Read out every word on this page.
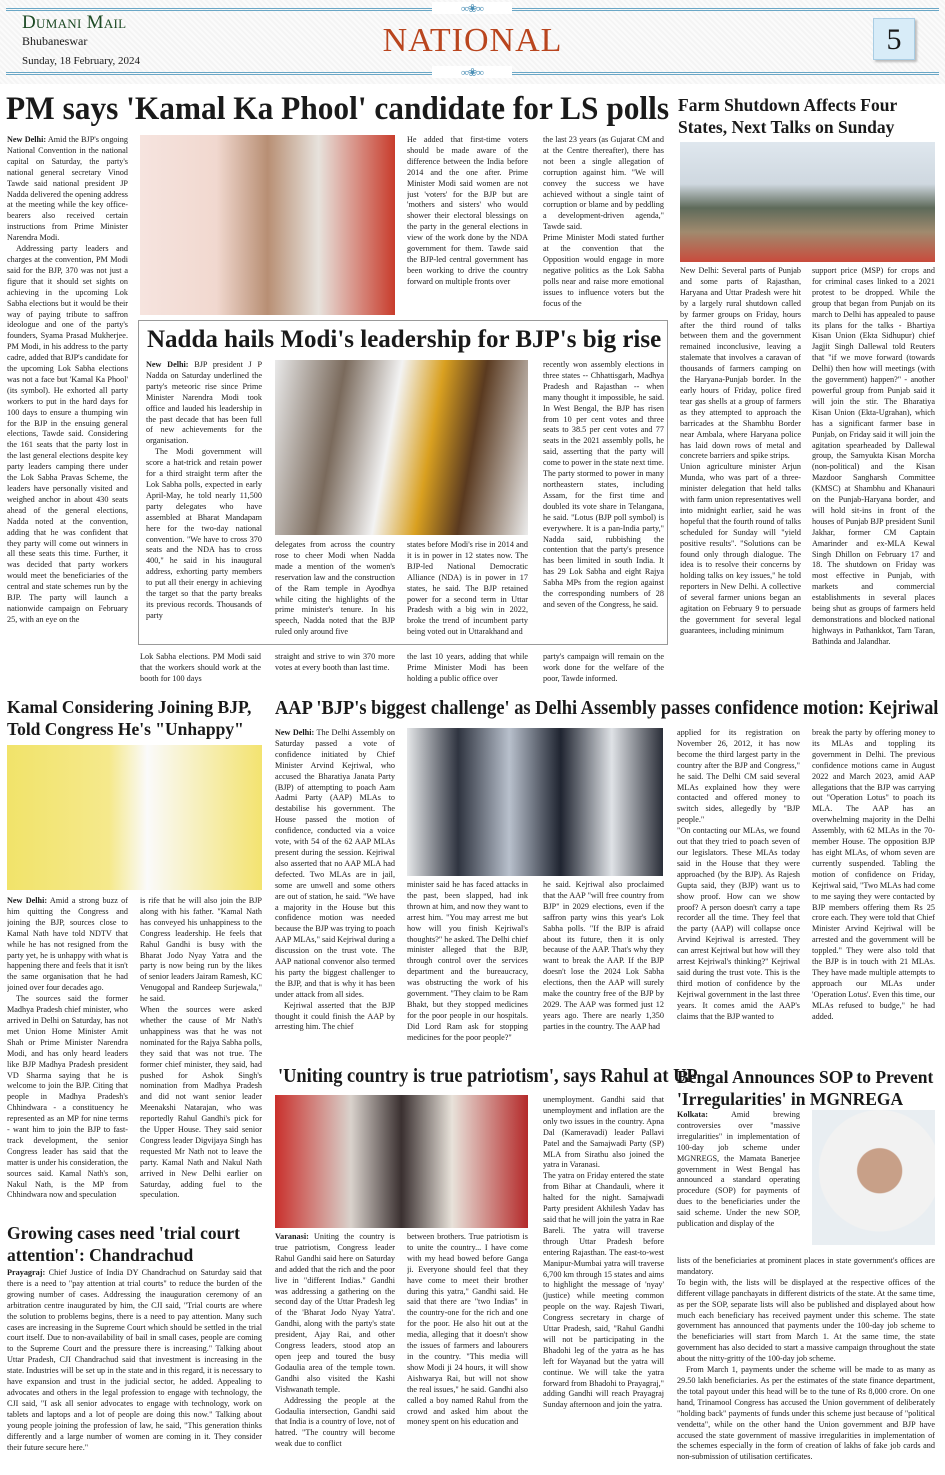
∞❀∞
Dumani Mail
Bhubaneswar
Sunday, 18 February, 2024
NATIONAL	5
∞❀∞
PM says 'Kamal Ka Phool' candidate for LS polls
New Delhi: Amid the BJP's ongoing National Convention in the national capital on Saturday, the party's national general secretary Vinod Tawde said national president JP Nadda delivered the opening address at the meeting while the key office-bearers also received certain instructions from Prime Minister Narendra Modi.

Addressing party leaders and charges at the convention, PM Modi said for the BJP, 370 was not just a figure that it should set sights on achieving in the upcoming Lok Sabha elections but it would be their way of paying tribute to saffron ideologue and one of the party's founders, Syama Prasad Mukherjee. PM Modi, in his address to the party cadre, added that BJP's candidate for the upcoming Lok Sabha elections was not a face but 'Kamal Ka Phool' (its symbol). He exhorted all party workers to put in the hard days for 100 days to ensure a thumping win for the BJP in the ensuing general elections, Tawde said. Considering the 161 seats that the party lost in the last general elections despite key party leaders camping there under the Lok Sabha Pravas Scheme, the leaders have personally visited and weighed anchor in about 430 seats ahead of the general elections, Nadda noted at the convention, adding that he was confident that they party will come out winners in all these seats this time. Further, it was decided that party workers would meet the beneficiaries of the central and state schemes run by the BJP. The party will launch a nationwide campaign on February 25, with an eye on the

He added that first-time voters should be made aware of the difference between the India before 2014 and the one after. Prime Minister Modi said women are not just 'voters' for the BJP but are 'mothers and sisters' who would shower their electoral blessings on the party in the general elections in view of the work done by the NDA government for them. Tawde said the BJP-led central government has been working to drive the country forward on multiple fronts over
the last 23 years (as Gujarat CM and at the Centre thereafter), there has not been a single allegation of corruption against him. "We will convey the success we have achieved without a single taint of corruption or blame and by peddling a development-driven agenda," Tawde said.

Prime Minister Modi stated further at the convention that the Opposition would engage in more negative politics as the Lok Sabha polls near and raise more emotional issues to influence voters but the focus of the

Nadda hails Modi's leadership for BJP's big rise
New Delhi: BJP president J P Nadda on Saturday underlined the party's meteoric rise since Prime Minister Narendra Modi took office and lauded his leadership in the past decade that has been full of new achievements for the organisation.

The Modi government will score a hat-trick and retain power for a third straight term after the Lok Sabha polls, expected in early April-May, he told nearly 11,500 party delegates who have assembled at Bharat Mandapam here for the two-day national convention. "We have to cross 370 seats and the NDA has to cross 400," he said in his inaugural address, exhorting party members to put all their energy in achieving the target so that the party breaks its previous records. Thousands of party

delegates from across the country rose to cheer Modi when Nadda made a mention of the women's reservation law and the construction of the Ram temple in Ayodhya while citing the highlights of the prime minister's tenure. In his speech, Nadda noted that the BJP ruled only around five
states before Modi's rise in 2014 and it is in power in 12 states now. The BJP-led National Democratic Alliance (NDA) is in power in 17 states, he said. The BJP retained power for a second term in Uttar Pradesh with a big win in 2022, broke the trend of incumbent party being voted out in Uttarakhand and
recently won assembly elections in three states -- Chhattisgarh, Madhya Pradesh and Rajasthan -- when many thought it impossible, he said. In West Bengal, the BJP has risen from 10 per cent votes and three seats to 38.5 per cent votes and 77 seats in the 2021 assembly polls, he said, asserting that the party will come to power in the state next time.

The party stormed to power in many northeastern states, including Assam, for the first time and doubled its vote share in Telangana, he said. "Lotus (BJP poll symbol) is everywhere. It is a pan-India party," Nadda said, rubbishing the contention that the party's presence has been limited in south India. It has 29 Lok Sabha and eight Rajya Sabha MPs from the region against the corresponding numbers of 28 and seven of the Congress, he said.

Lok Sabha elections. PM Modi said that the workers should work at the booth for 100 days
straight and strive to win 370 more votes at every booth than last time.
the last 10 years, adding that while Prime Minister Modi has been holding a public office over
party's campaign will remain on the work done for the welfare of the poor, Tawde informed.
Farm Shutdown Affects Four States, Next Talks on Sunday
New Delhi: Several parts of Punjab and some parts of Rajasthan, Haryana and Uttar Pradesh were hit by a largely rural shutdown called by farmer groups on Friday, hours after the third round of talks between them and the government remained inconclusive, leaving a stalemate that involves a caravan of thousands of farmers camping on the Haryana-Punjab border. In the early hours of Friday, police fired tear gas shells at a group of farmers as they attempted to approach the barricades at the Shambhu Border near Ambala, where Haryana police has laid down rows of metal and concrete barriers and spike strips.

Union agriculture minister Arjun Munda, who was part of a three-minister delegation that held talks with farm union representatives well into midnight earlier, said he was hopeful that the fourth round of talks scheduled for Sunday will "yield positive results". "Solutions can be found only through dialogue. The idea is to resolve their concerns by holding talks on key issues," he told reporters in New Delhi. A collective of several farmer unions began an agitation on February 9 to persuade the government for several legal guarantees, including minimum

support price (MSP) for crops and for criminal cases linked to a 2021 protest to be dropped. While the group that began from Punjab on its march to Delhi has appealed to pause its plans for the talks - Bhartiya Kisan Union (Ekta Sidhupur) chief Jagjit Singh Dallewal told Reuters that "if we move forward (towards Delhi) then how will meetings (with the government) happen?" - another powerful group from Punjab said it will join the stir. The Bharatiya Kisan Union (Ekta-Ugrahan), which has a significant farmer base in Punjab, on Friday said it will join the agitation spearheaded by Dallewal group, the Samyukta Kisan Morcha (non-political) and the Kisan Mazdoor Sangharsh Committee (KMSC) at Shambhu and Khanauri on the Punjab-Haryana border, and will hold sit-ins in front of the houses of Punjab BJP president Sunil Jakhar, former CM Captain Amarinder and ex-MLA Kewal Singh Dhillon on February 17 and 18. The shutdown on Friday was most effective in Punjab, with markets and commercial establishments in several places being shut as groups of farmers held demonstrations and blocked national highways in Pathankkot, Tarn Taran, Bathinda and Jalandhar.
Kamal Considering Joining BJP, Told Congress He's "Unhappy"
New Delhi: Amid a strong buzz of him quitting the Congress and joining the BJP, sources close to Kamal Nath have told NDTV that while he has not resigned from the party yet, he is unhappy with what is happening there and feels that it isn't the same organisation that he had joined over four decades ago.

The sources said the former Madhya Pradesh chief minister, who arrived in Delhi on Saturday, has not met Union Home Minister Amit Shah or Prime Minister Narendra Modi, and has only heard leaders like BJP Madhya Pradesh president VD Sharma saying that he is welcome to join the BJP. Citing that people in Madhya Pradesh's Chhindwara - a constituency he represented as an MP for nine terms - want him to join the BJP to fast-track development, the senior Congress leader has said that the matter is under his consideration, the sources said. Kamal Nath's son, Nakul Nath, is the MP from Chhindwara now and speculation

is rife that he will also join the BJP along with his father. "Kamal Nath has conveyed his unhappiness to the Congress leadership. He feels that Rahul Gandhi is busy with the Bharat Jodo Nyay Yatra and the party is now being run by the likes of senior leaders Jairam Ramesh, KC Venugopal and Randeep Surjewala," he said.

When the sources were asked whether the cause of Mr Nath's unhappiness was that he was not nominated for the Rajya Sabha polls, they said that was not true. The former chief minister, they said, had pushed for Ashok Singh's nomination from Madhya Pradesh and did not want senior leader Meenakshi Natarajan, who was reportedly Rahul Gandhi's pick for the Upper House. They said senior Congress leader Digvijaya Singh has requested Mr Nath not to leave the party. Kamal Nath and Nakul Nath arrived in New Delhi earlier on Saturday, adding fuel to the speculation.

AAP 'BJP's biggest challenge' as Delhi Assembly passes confidence motion: Kejriwal
New Delhi: The Delhi Assembly on Saturday passed a vote of confidence initiated by Chief Minister Arvind Kejriwal, who accused the Bharatiya Janata Party (BJP) of attempting to poach Aam Aadmi Party (AAP) MLAs to destabilise his government. The House passed the motion of confidence, conducted via a voice vote, with 54 of the 62 AAP MLAs present during the session. Kejriwal also asserted that no AAP MLA had defected. Two MLAs are in jail, some are unwell and some others are out of station, he said. "We have a majority in the House but this confidence motion was needed because the BJP was trying to poach AAP MLAs," said Kejriwal during a discussion on the trust vote. The AAP national convenor also termed his party the biggest challenger to the BJP, and that is why it has been under attack from all sides.

Kejriwal asserted that the BJP thought it could finish the AAP by arresting him. The chief

minister said he has faced attacks in the past, been slapped, had ink thrown at him, and now they want to arrest him. "You may arrest me but how will you finish Kejriwal's thoughts?" he asked. The Delhi chief minister alleged that the BJP, through control over the services department and the bureaucracy, was obstructing the work of his government. "They claim to be Ram Bhakt, but they stopped medicines for the poor people in our hospitals. Did Lord Ram ask for stopping medicines for the poor people?"
he said. Kejriwal also proclaimed that the AAP "will free country from BJP" in 2029 elections, even if the saffron party wins this year's Lok Sabha polls. "If the BJP is afraid about its future, then it is only because of the AAP. That's why they want to break the AAP. If the BJP doesn't lose the 2024 Lok Sabha elections, then the AAP will surely make the country free of the BJP by 2029. The AAP was formed just 12 years ago. There are nearly 1,350 parties in the country. The AAP had
applied for its registration on November 26, 2012, it has now become the third largest party in the country after the BJP and Congress," he said. The Delhi CM said several MLAs explained how they were contacted and offered money to switch sides, allegedly by "BJP people."

"On contacting our MLAs, we found out that they tried to poach seven of our legislators. These MLAs today said in the House that they were approached (by the BJP). As Rajesh Gupta said, they (BJP) want us to show proof. How can we show proof? A person doesn't carry a tape recorder all the time. They feel that the party (AAP) will collapse once Arvind Kejriwal is arrested. They can arrest Kejriwal but how will they arrest Kejriwal's thinking?" Kejriwal said during the trust vote. This is the third motion of confidence by the Kejriwal government in the last three years. It comes amid the AAP's claims that the BJP wanted to

break the party by offering money to its MLAs and toppling its government in Delhi. The previous confidence motions came in August 2022 and March 2023, amid AAP allegations that the BJP was carrying out "Operation Lotus" to poach its MLA. The AAP has an overwhelming majority in the Delhi Assembly, with 62 MLAs in the 70-member House. The opposition BJP has eight MLAs, of whom seven are currently suspended. Tabling the motion of confidence on Friday, Kejriwal said, "Two MLAs had come to me saying they were contacted by BJP members offering them Rs 25 crore each. They were told that Chief Minister Arvind Kejriwal will be arrested and the government will be toppled." They were also told that the BJP is in touch with 21 MLAs. They have made multiple attempts to approach our MLAs under 'Operation Lotus'. Even this time, our MLAs refused to budge," he had added.
'Uniting country is true patriotism', says Rahul at UP
Varanasi: Uniting the country is true patriotism, Congress leader Rahul Gandhi said here on Saturday and added that the rich and the poor live in "different Indias." Gandhi was addressing a gathering on the second day of the Uttar Pradesh leg of the 'Bharat Jodo Nyay Yatra'. Gandhi, along with the party's state president, Ajay Rai, and other Congress leaders, stood atop an open jeep and toured the busy Godaulia area of the temple town. Gandhi also visited the Kashi Vishwanath temple.

Addressing the people at the Godaulia intersection, Gandhi said that India is a country of love, not of hatred. "The country will become weak due to conflict

between brothers. True patriotism is to unite the country... I have come with my head bowed before Ganga ji. Everyone should feel that they have come to meet their brother during this yatra," Gandhi said. He said that there are "two Indias" in the country-one for the rich and one for the poor. He also hit out at the media, alleging that it doesn't show the issues of farmers and labourers in the country. "This media will show Modi ji 24 hours, it will show Aishwarya Rai, but will not show the real issues," he said. Gandhi also called a boy named Rahul from the crowd and asked him about the money spent on his education and
unemployment. Gandhi said that unemployment and inflation are the only two issues in the country. Apna Dal (Kameravadi) leader Pallavi Patel and the Samajwadi Party (SP) MLA from Sirathu also joined the yatra in Varanasi.

The yatra on Friday entered the state from Bihar at Chandauli, where it halted for the night. Samajwadi Party president Akhilesh Yadav has said that he will join the yatra in Rae Bareli. The yatra will traverse through Uttar Pradesh before entering Rajasthan. The east-to-west Manipur-Mumbai yatra will traverse 6,700 km through 15 states and aims to highlight the message of 'nyay' (justice) while meeting common people on the way. Rajesh Tiwari, Congress secretary in charge of Uttar Pradesh, said, "Rahul Gandhi will not be participating in the Bhadohi leg of the yatra as he has left for Wayanad but the yatra will continue. We will take the yatra forward from Bhadohi to Prayagraj," adding Gandhi will reach Prayagraj Sunday afternoon and join the yatra.

Bengal Announces SOP to Prevent 'Irregularities' in MGNREGA
Kolkata: Amid brewing controversies over "massive irregularities" in implementation of 100-day job scheme under MGNREGS, the Mamata Banerjee government in West Bengal has announced a standard operating procedure (SOP) for payments of dues to the beneficiaries under the said scheme. Under the new SOP, publication and display of the
lists of the beneficiaries at prominent places in state government's offices are mandatory.

To begin with, the lists will be displayed at the respective offices of the different village panchayats in different districts of the state. At the same time, as per the SOP, separate lists will also be published and displayed about how much each beneficiary has received payment under this scheme. The state government has announced that payments under the 100-day job scheme to the beneficiaries will start from March 1. At the same time, the state government has also decided to start a massive campaign throughout the state about the nitty-gritty of the 100-day job scheme.

From March 1, payments under the scheme will be made to as many as 29.50 lakh beneficiaries. As per the estimates of the state finance department, the total payout under this head will be to the tune of Rs 8,000 crore. On one hand, Trinamool Congress has accused the Union government of deliberately "holding back" payments of funds under this scheme just because of "political vendetta", while on the other hand the Union government and BJP have accused the state government of massive irregularities in implementation of the schemes especially in the form of creation of lakhs of fake job cards and non-submission of utilisation certificates.

Growing cases need 'trial court attention': Chandrachud
Prayagraj: Chief Justice of India DY Chandrachud on Saturday said that there is a need to "pay attention at trial courts" to reduce the burden of the growing number of cases. Addressing the inauguration ceremony of an arbitration centre inaugurated by him, the CJI said, "Trial courts are where the solution to problems begins, there is a need to pay attention. Many such cases are increasing in the Supreme Court which should be settled in the trial court itself. Due to non-availability of bail in small cases, people are coming to the Supreme Court and the pressure there is increasing." Talking about Uttar Pradesh, CJI Chandrachud said that investment is increasing in the state. Industries will be set up in the state and in this regard, it is necessary to have expansion and trust in the judicial sector, he added. Appealing to advocates and others in the legal profession to engage with technology, the CJI said, "I ask all senior advocates to engage with technology, work on tablets and laptops and a lot of people are doing this now." Talking about young people joining the profession of law, he said, "This generation thinks differently and a large number of women are coming in it. They consider their future secure here."
